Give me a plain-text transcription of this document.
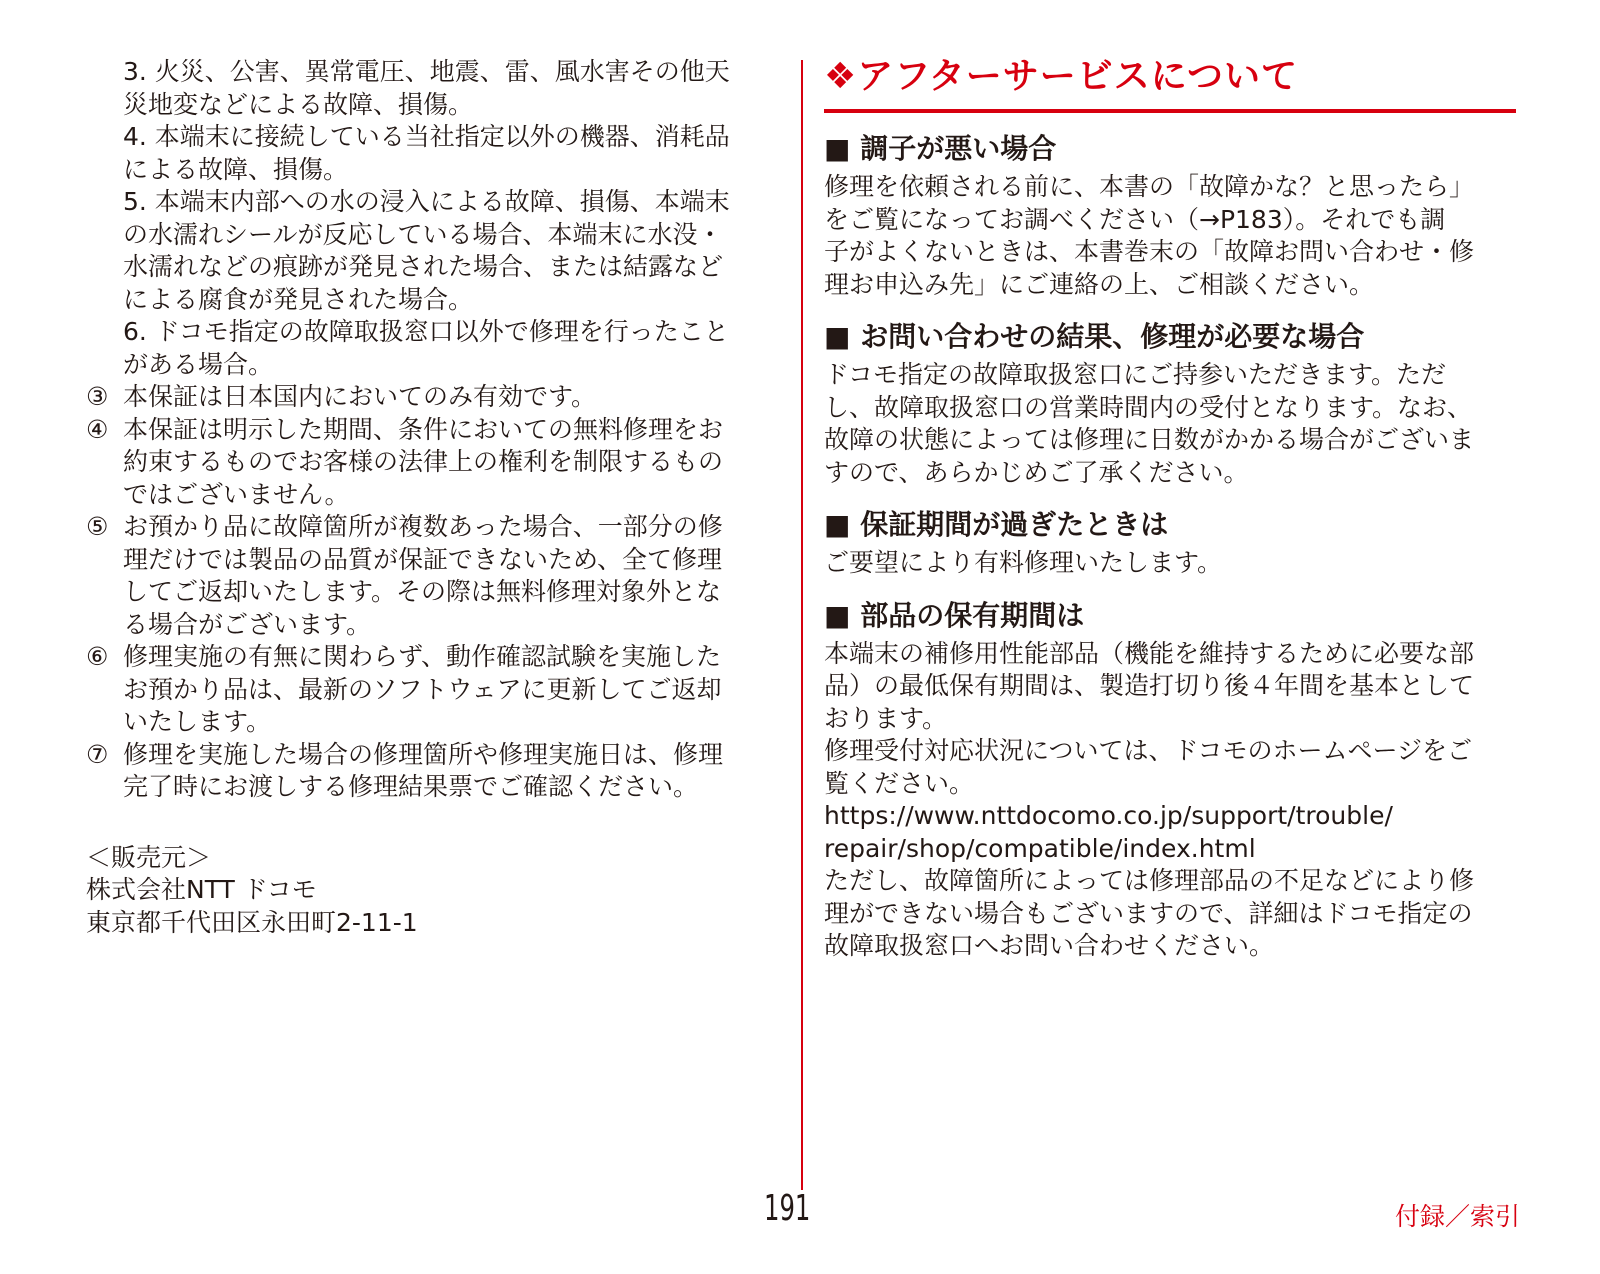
3. 火災、公害、異常電圧、地震、雷、風水害その他天
災地変などによる故障、損傷。
4. 本端末に接続している当社指定以外の機器、消耗品
による故障、損傷。
5. 本端末内部への水の浸入による故障、損傷、本端末
の水濡れシールが反応している場合、本端末に水没・
水濡れなどの痕跡が発見された場合、または結露など
による腐食が発見された場合。
6. ドコモ指定の故障取扱窓口以外で修理を行ったこと
がある場合。
③ 本保証は日本国内においてのみ有効です。
④ 本保証は明示した期間、条件においての無料修理をお
約束するものでお客様の法律上の権利を制限するもの
ではございません。
⑤ お預かり品に故障箇所が複数あった場合、一部分の修
理だけでは製品の品質が保証できないため、全て修理
してご返却いたします。その際は無料修理対象外とな
る場合がございます。
⑥ 修理実施の有無に関わらず、動作確認試験を実施した
お預かり品は、最新のソフトウェアに更新してご返却
いたします。
⑦ 修理を実施した場合の修理箇所や修理実施日は、修理
完了時にお渡しする修理結果票でご確認ください。
＜販売元＞
株式会社NTT ドコモ
東京都千代田区永田町2-11-1
❖アフターサービスについて
■ 調子が悪い場合
修理を依頼される前に、本書の「故障かな？と思ったら」
をご覧になってお調べください（→P183）。それでも調
子がよくないときは、本書巻末の「故障お問い合わせ・修
理お申込み先」にご連絡の上、ご相談ください。
■ お問い合わせの結果、修理が必要な場合
ドコモ指定の故障取扱窓口にご持参いただきます。ただ
し、故障取扱窓口の営業時間内の受付となります。なお、
故障の状態によっては修理に日数がかかる場合がございま
すので、あらかじめご了承ください。
■ 保証期間が過ぎたときは
ご要望により有料修理いたします。
■ 部品の保有期間は
本端末の補修用性能部品（機能を維持するために必要な部
品）の最低保有期間は、製造打切り後４年間を基本として
おります。
修理受付対応状況については、ドコモのホームページをご
覧ください。
https://www.nttdocomo.co.jp/support/trouble/
repair/shop/compatible/index.html
ただし、故障箇所によっては修理部品の不足などにより修
理ができない場合もございますので、詳細はドコモ指定の
故障取扱窓口へお問い合わせください。
191	付録／索引
